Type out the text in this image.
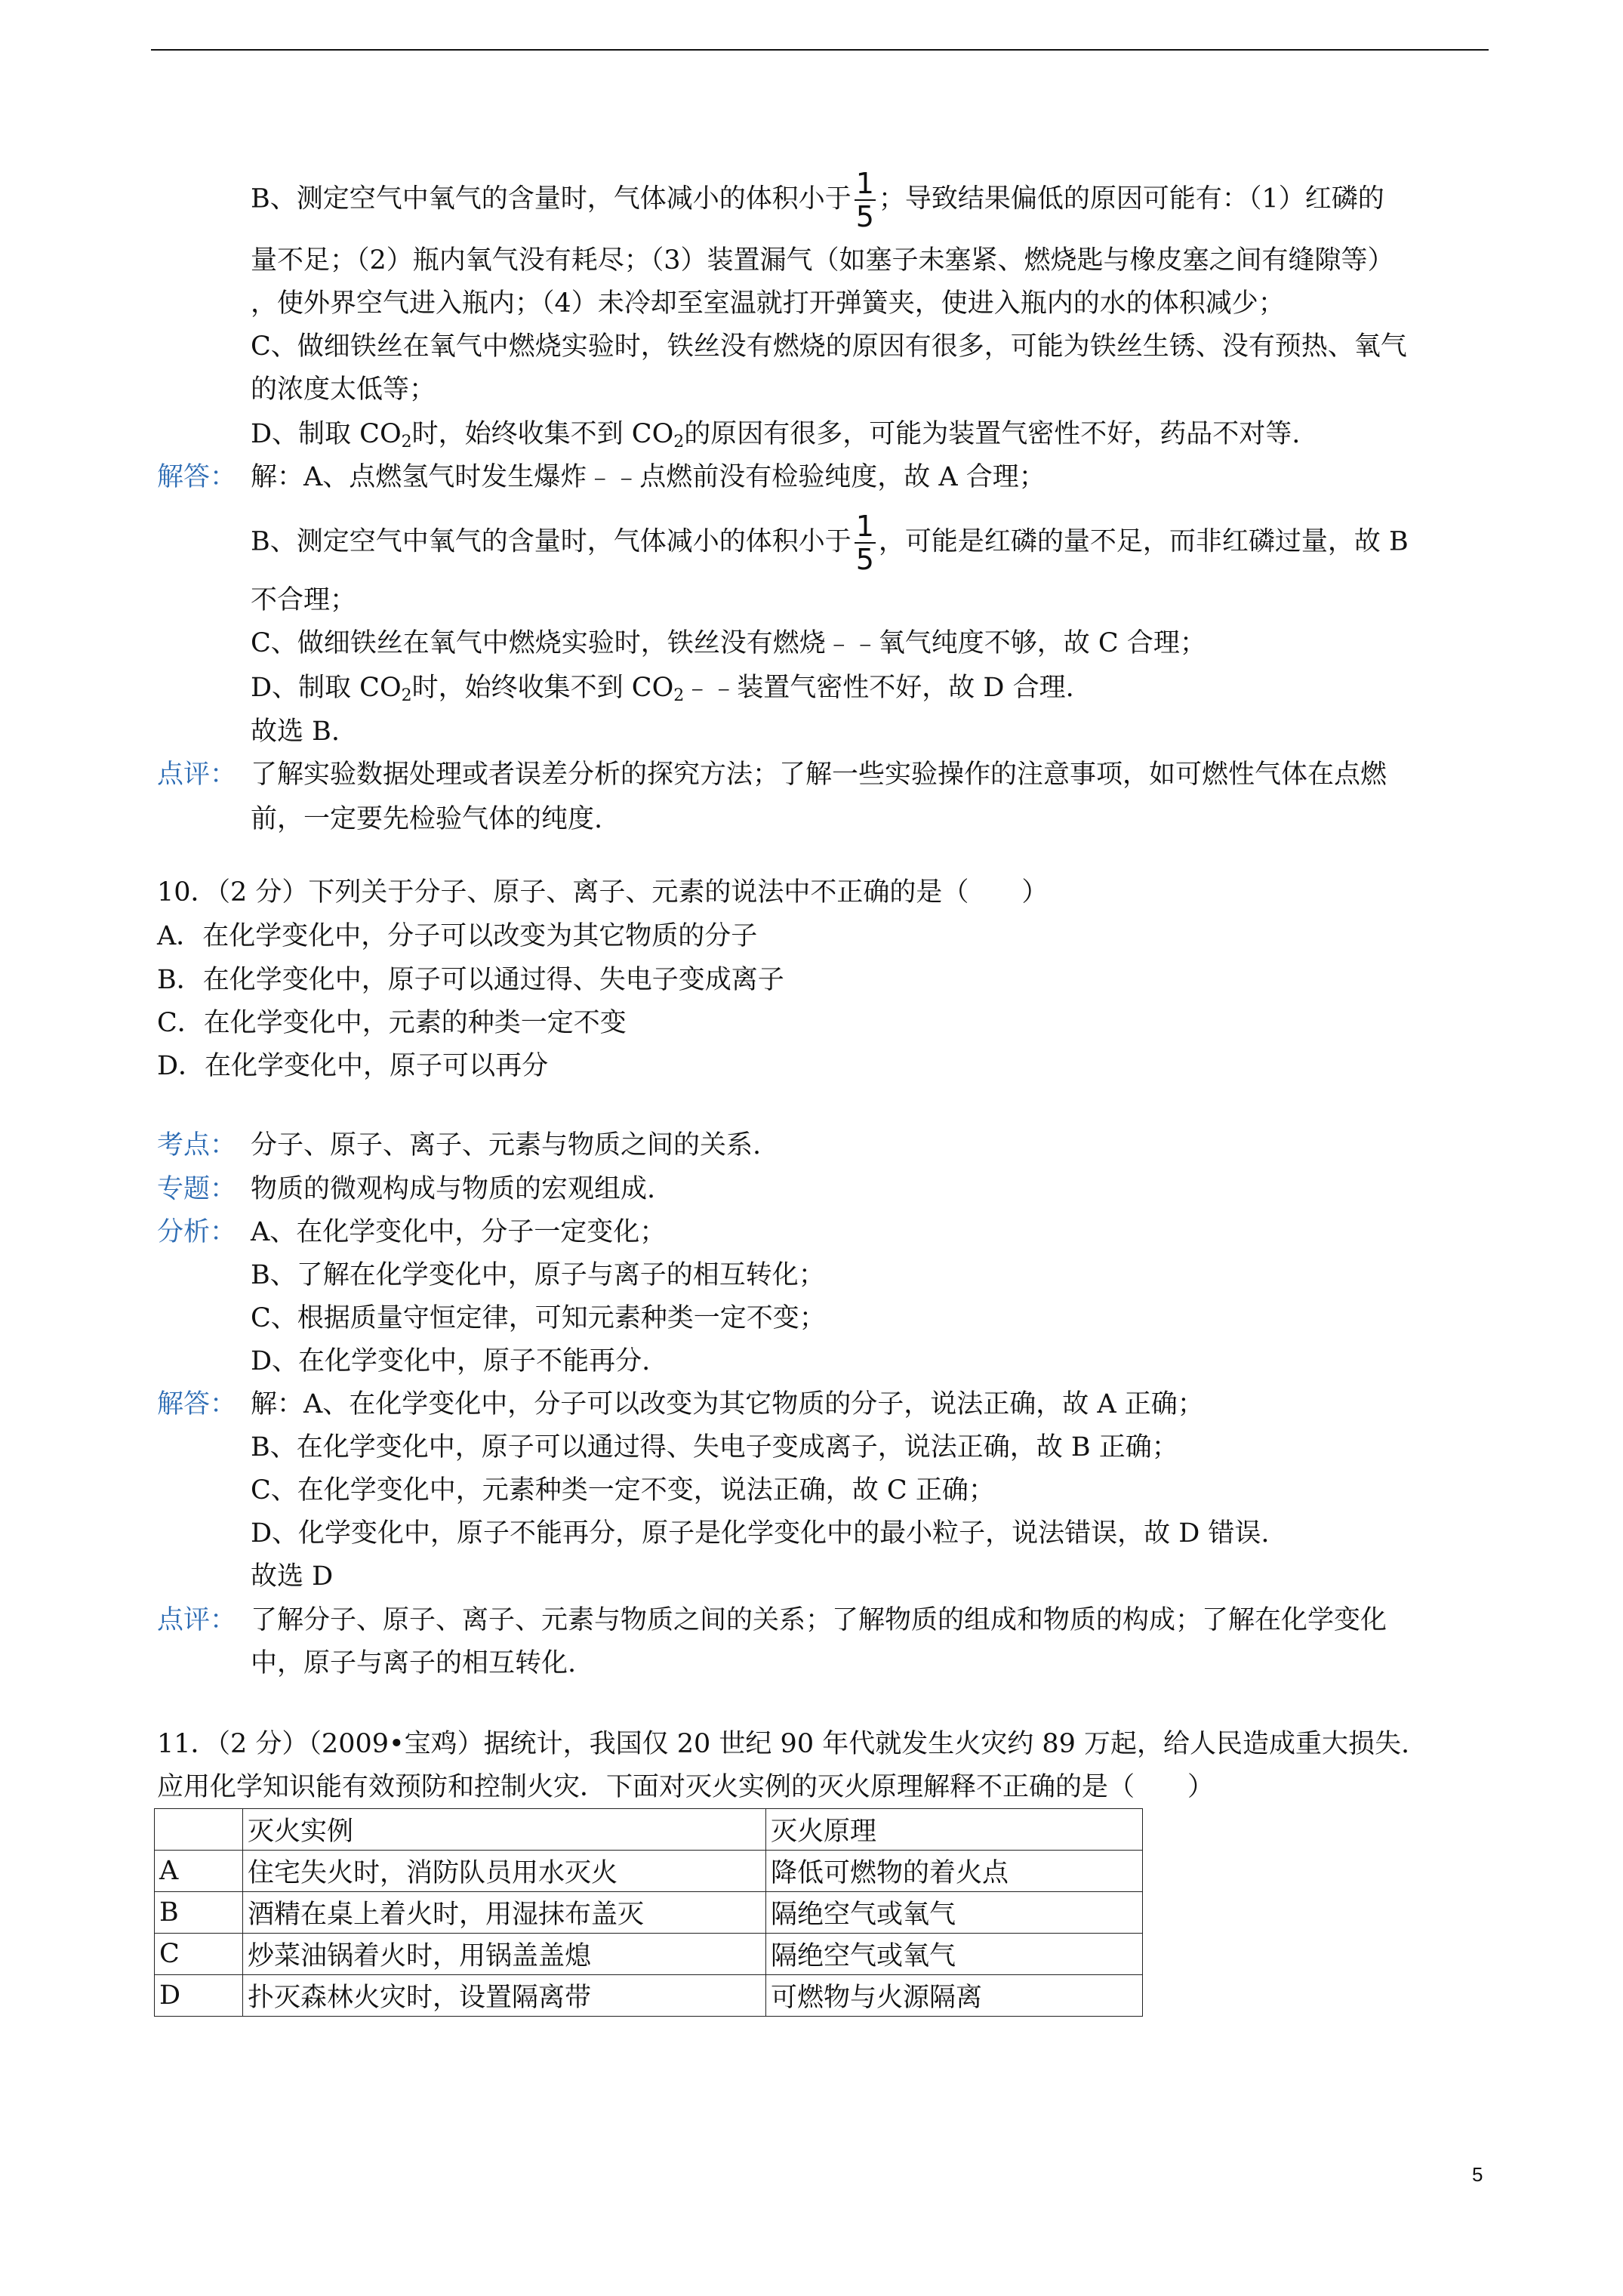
B、测定空气中氧气的含量时，气体减小的体积小于 $\frac{1}{5}$ ；导致结果偏低的原因可能有：（1）红磷的
量不足；（2）瓶内氧气没有耗尽；（3）装置漏气（如塞子未塞紧、燃烧匙与橡皮塞之间有缝隙等）
，使外界空气进入瓶内；（4）未冷却至室温就打开弹簧夹，使进入瓶内的水的体积减少；
C、做细铁丝在氧气中燃烧实验时，铁丝没有燃烧的原因有很多，可能为铁丝生锈、没有预热、氧气
的浓度太低等；
D、制取 $CO_2$时，始终收集不到 $CO_2$的原因有很多，可能为装置气密性不好，药品不对等.
解答： 解：A、点燃氢气时发生爆炸﹣﹣点燃前没有检验纯度，故 A 合理；
B、测定空气中氧气的含量时，气体减小的体积小于 $\frac{1}{5}$ ，可能是红磷的量不足，而非红磷过量，故 B
不合理；
C、做细铁丝在氧气中燃烧实验时，铁丝没有燃烧﹣﹣氧气纯度不够，故 C 合理；
D、制取 $CO_2$时，始终收集不到 $CO_2﹣﹣$装置气密性不好，故 D 合理.
故选 B.
点评： 了解实验数据处理或者误差分析的探究方法；了解一些实验操作的注意事项，如可燃性气体在点燃
前，一定要先检验气体的纯度.
10．（2 分）下列关于分子、原子、离子、元素的说法中不正确的是（　　）
A．在化学变化中，分子可以改变为其它物质的分子
B．在化学变化中，原子可以通过得、失电子变成离子
C．在化学变化中，元素的种类一定不变
D．在化学变化中，原子可以再分
考点： 分子、原子、离子、元素与物质之间的关系.
专题： 物质的微观构成与物质的宏观组成.
分析： A、在化学变化中，分子一定变化；
B、了解在化学变化中，原子与离子的相互转化；
C、根据质量守恒定律，可知元素种类一定不变；
D、在化学变化中，原子不能再分.
解答： 解：A、在化学变化中，分子可以改变为其它物质的分子，说法正确，故 A 正确；
B、在化学变化中，原子可以通过得、失电子变成离子，说法正确，故 B 正确；
C、在化学变化中，元素种类一定不变，说法正确，故 C 正确；
D、化学变化中，原子不能再分，原子是化学变化中的最小粒子，说法错误，故 D 错误.
故选 D
点评： 了解分子、原子、离子、元素与物质之间的关系；了解物质的组成和物质的构成；了解在化学变化
中，原子与离子的相互转化.
11．（2 分）（2009•宝鸡）据统计，我国仅 20 世纪 90 年代就发生火灾约 89 万起，给人民造成重大损失.
应用化学知识能有效预防和控制火灾．下面对灭火实例的灭火原理解释不正确的是（　　）
	灭火实例	灭火原理
A	住宅失火时，消防队员用水灭火	降低可燃物的着火点
B	酒精在桌上着火时，用湿抹布盖灭	隔绝空气或氧气
C	炒菜油锅着火时，用锅盖盖熄	隔绝空气或氧气
D	扑灭森林火灾时，设置隔离带	可燃物与火源隔离
5
